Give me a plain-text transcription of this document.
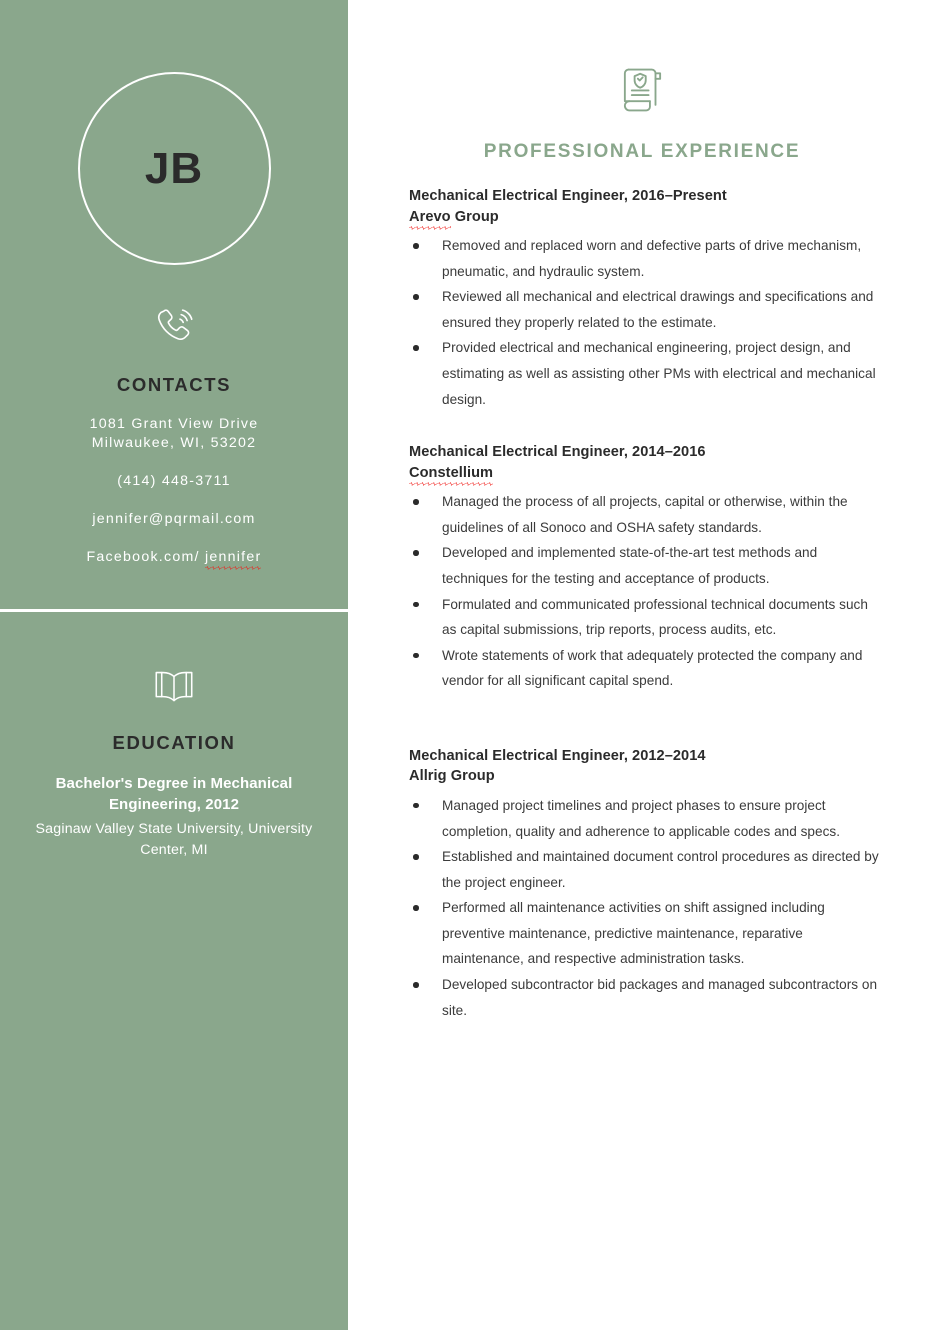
JB
CONTACTS
1081 Grant View Drive
Milwaukee, WI, 53202
(414) 448-3711
jennifer@pqrmail.com
Facebook.com/ jennifer
EDUCATION
Bachelor's Degree in Mechanical Engineering, 2012
Saginaw Valley State University, University Center, MI
PROFESSIONAL EXPERIENCE
Mechanical Electrical Engineer, 2016–Present
Arevo Group
Removed and replaced worn and defective parts of drive mechanism, pneumatic, and hydraulic system.
Reviewed all mechanical and electrical drawings and specifications and ensured they properly related to the estimate.
Provided electrical and mechanical engineering, project design, and estimating as well as assisting other PMs with electrical and mechanical design.
Mechanical Electrical Engineer, 2014–2016
Constellium
Managed the process of all projects, capital or otherwise, within the guidelines of all Sonoco and OSHA safety standards.
Developed and implemented state-of-the-art test methods and techniques for the testing and acceptance of products.
Formulated and communicated professional technical documents such as capital submissions, trip reports, process audits, etc.
Wrote statements of work that adequately protected the company and vendor for all significant capital spend.
Mechanical Electrical Engineer, 2012–2014
Allrig Group
Managed project timelines and project phases to ensure project completion, quality and adherence to applicable codes and specs.
Established and maintained document control procedures as directed by the project engineer.
Performed all maintenance activities on shift assigned including preventive maintenance, predictive maintenance, reparative maintenance, and respective administration tasks.
Developed subcontractor bid packages and managed subcontractors on site.
